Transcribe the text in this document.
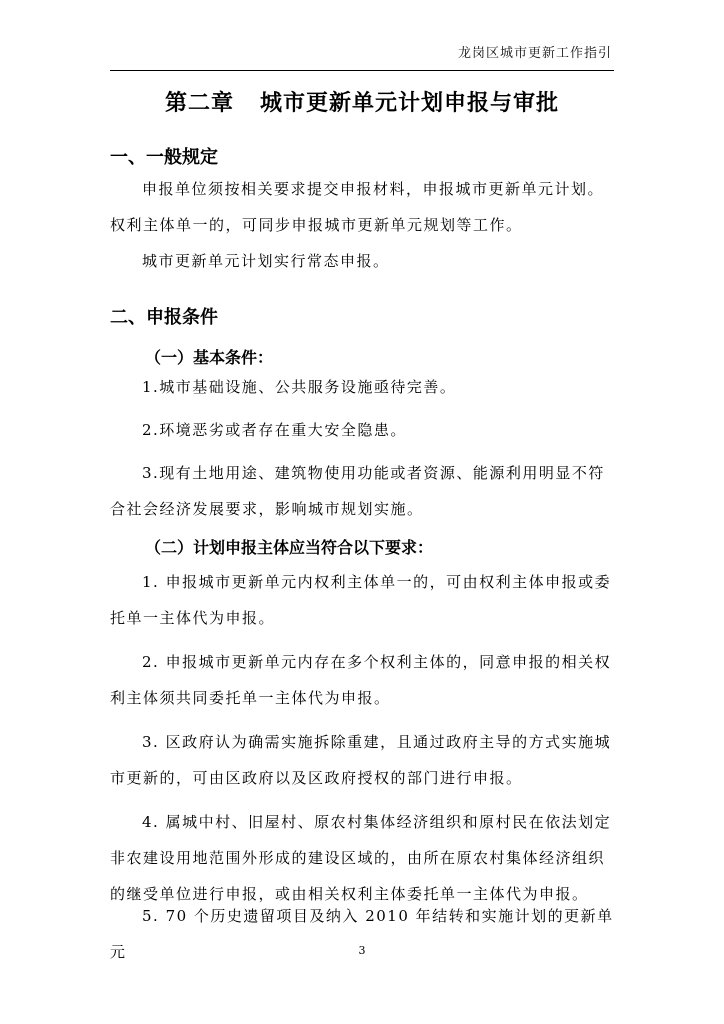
龙岗区城市更新工作指引
第二章 城市更新单元计划申报与审批
一、一般规定
申报单位须按相关要求提交申报材料，申报城市更新单元计划。权利主体单一的，可同步申报城市更新单元规划等工作。
城市更新单元计划实行常态申报。
二、申报条件
（一）基本条件：
1.城市基础设施、公共服务设施亟待完善。
2.环境恶劣或者存在重大安全隐患。
3.现有土地用途、建筑物使用功能或者资源、能源利用明显不符合社会经济发展要求，影响城市规划实施。
（二）计划申报主体应当符合以下要求：
1. 申报城市更新单元内权利主体单一的，可由权利主体申报或委托单一主体代为申报。
2. 申报城市更新单元内存在多个权利主体的，同意申报的相关权利主体须共同委托单一主体代为申报。
3. 区政府认为确需实施拆除重建，且通过政府主导的方式实施城市更新的，可由区政府以及区政府授权的部门进行申报。
4. 属城中村、旧屋村、原农村集体经济组织和原村民在依法划定非农建设用地范围外形成的建设区域的，由所在原农村集体经济组织的继受单位进行申报，或由相关权利主体委托单一主体代为申报。
5. 70 个历史遗留项目及纳入 2010 年结转和实施计划的更新单元	3
